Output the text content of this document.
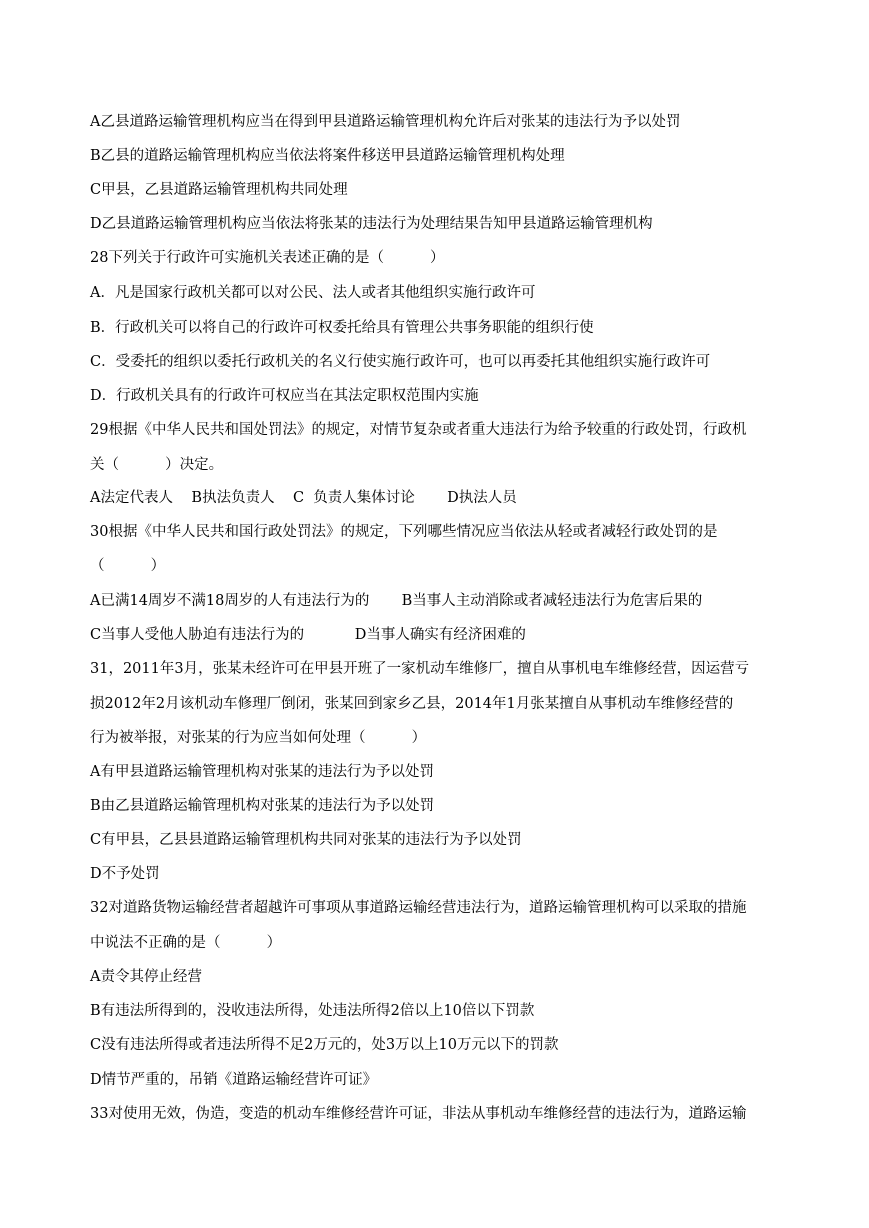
A乙县道路运输管理机构应当在得到甲县道路运输管理机构允许后对张某的违法行为予以处罚
B乙县的道路运输管理机构应当依法将案件移送甲县道路运输管理机构处理
C甲县，乙县道路运输管理机构共同处理
D乙县道路运输管理机构应当依法将张某的违法行为处理结果告知甲县道路运输管理机构
28下列关于行政许可实施机关表述正确的是（          ）
A．凡是国家行政机关都可以对公民、法人或者其他组织实施行政许可
B．行政机关可以将自己的行政许可权委托给具有管理公共事务职能的组织行使
C．受委托的组织以委托行政机关的名义行使实施行政许可，也可以再委托其他组织实施行政许可
D．行政机关具有的行政许可权应当在其法定职权范围内实施
29根据《中华人民共和国处罚法》的规定，对情节复杂或者重大违法行为给予较重的行政处罚，行政机
关（          ）决定。
A法定代表人    B执法负责人    C  负责人集体讨论       D执法人员
30根据《中华人民共和国行政处罚法》的规定，下列哪些情况应当依法从轻或者减轻行政处罚的是
（          ）
A已满14周岁不满18周岁的人有违法行为的       B当事人主动消除或者减轻违法行为危害后果的
C当事人受他人胁迫有违法行为的           D当事人确实有经济困难的
31，2011年3月，张某未经许可在甲县开班了一家机动车维修厂，擅自从事机电车维修经营，因运营亏
损2012年2月该机动车修理厂倒闭，张某回到家乡乙县，2014年1月张某擅自从事机动车维修经营的
行为被举报，对张某的行为应当如何处理（          ）
A有甲县道路运输管理机构对张某的违法行为予以处罚
B由乙县道路运输管理机构对张某的违法行为予以处罚
C有甲县，乙县县道路运输管理机构共同对张某的违法行为予以处罚
D不予处罚
32对道路货物运输经营者超越许可事项从事道路运输经营违法行为，道路运输管理机构可以采取的措施
中说法不正确的是（          ）
A责令其停止经营
B有违法所得到的，没收违法所得，处违法所得2倍以上10倍以下罚款
C没有违法所得或者违法所得不足2万元的，处3万以上10万元以下的罚款
D情节严重的，吊销《道路运输经营许可证》
33对使用无效，伪造，变造的机动车维修经营许可证，非法从事机动车维修经营的违法行为，道路运输
